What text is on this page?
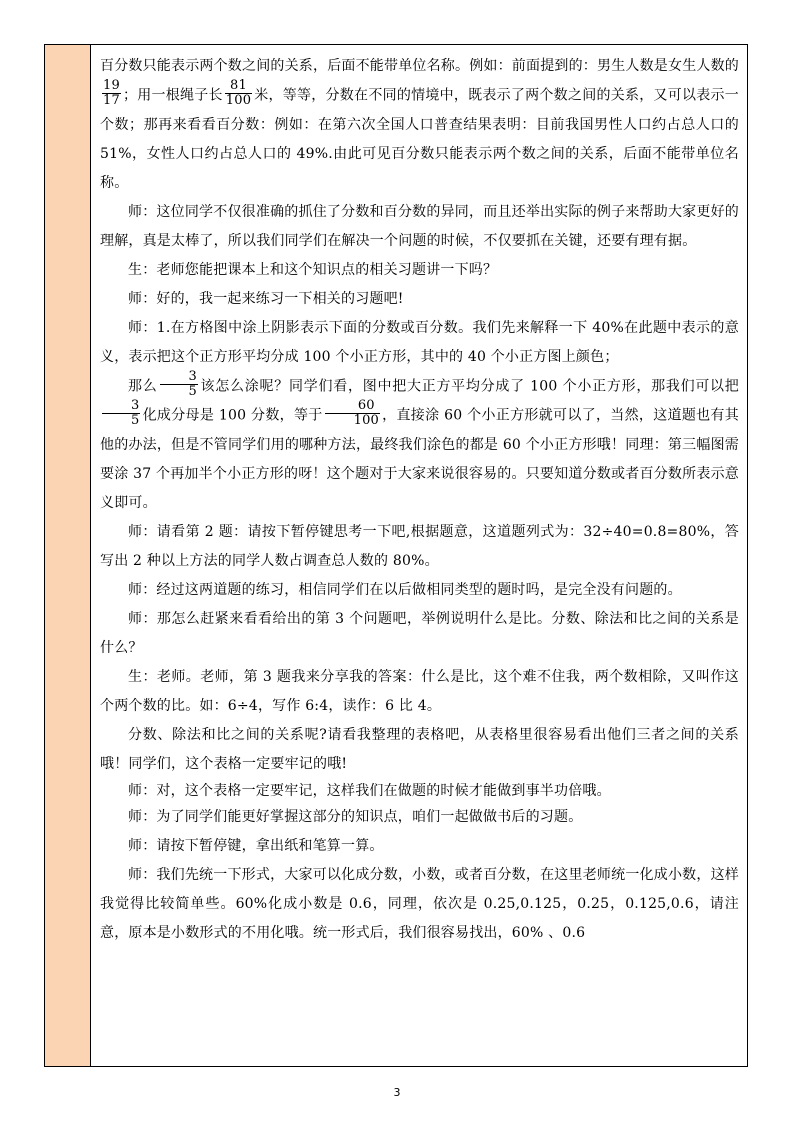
百分数只能表示两个数之间的关系，后面不能带单位名称。例如：前面提到的：男生人数是女生人数的
$\frac{19}{17}$ ；用一根绳子长 $\frac{81}{100}$ 米，等等，分数在不同的情境中，既表示了两个数之间的关系，又可以表示一个数；那再来看看百分数：例如：在第六次全国人口普查结果表明：目前我国男性人口约占总人口的 51%，女性人口约占总人口的 49%.由此可见百分数只能表示两个数之间的关系，后面不能带单位名称。

师：这位同学不仅很准确的抓住了分数和百分数的异同，而且还举出实际的例子来帮助大家更好的理解，真是太棒了，所以我们同学们在解决一个问题的时候，不仅要抓在关键，还要有理有据。

生：老师您能把课本上和这个知识点的相关习题讲一下吗？

师：好的，我一起来练习一下相关的习题吧!

师：1.在方格图中涂上阴影表示下面的分数或百分数。我们先来解释一下 40%在此题中表示的意义，表示把这个正方形平均分成 100 个小正方形，其中的 40 个小正方图上颜色；

那么 $\frac{3}{5}$ 该怎么涂呢？同学们看，图中把大正方平均分成了 100 个小正方形，那我们可以把
$\frac{3}{5}$ 化成分母是 100 分数，等于 $\frac{60}{100}$ ，直接涂 60 个小正方形就可以了，当然，这道题也有其他的办法，但是不管同学们用的哪种方法，最终我们涂色的都是 60 个小正方形哦！同理：第三幅图需要涂 37 个再加半个小正方形的呀！这个题对于大家来说很容易的。只要知道分数或者百分数所表示意义即可。

师：请看第 2 题：请按下暂停键思考一下吧,根据题意，这道题列式为：32÷40=0.8=80%，答写出 2 种以上方法的同学人数占调查总人数的 80%。

师：经过这两道题的练习，相信同学们在以后做相同类型的题时吗，是完全没有问题的。

师：那怎么赶紧来看看给出的第 3 个问题吧，举例说明什么是比。分数、除法和比之间的关系是什么？

生：老师。老师，第 3 题我来分享我的答案：什么是比，这个难不住我，两个数相除，又叫作这个两个数的比。如：6÷4，写作 6:4，读作：6 比 4。

分数、除法和比之间的关系呢?请看我整理的表格吧，从表格里很容易看出他们三者之间的关系哦！同学们，这个表格一定要牢记的哦!

师：对，这个表格一定要牢记，这样我们在做题的时候才能做到事半功倍哦。

师：为了同学们能更好掌握这部分的知识点，咱们一起做做书后的习题。

师：请按下暂停键，拿出纸和笔算一算。

师：我们先统一下形式，大家可以化成分数，小数，或者百分数，在这里老师统一化成小数，这样我觉得比较简单些。60%化成小数是 0.6，同理，依次是 0.25,0.125，0.25，0.125,0.6，请注意，原本是小数形式的不用化哦。统一形式后，我们很容易找出，60% 、0.6

3
